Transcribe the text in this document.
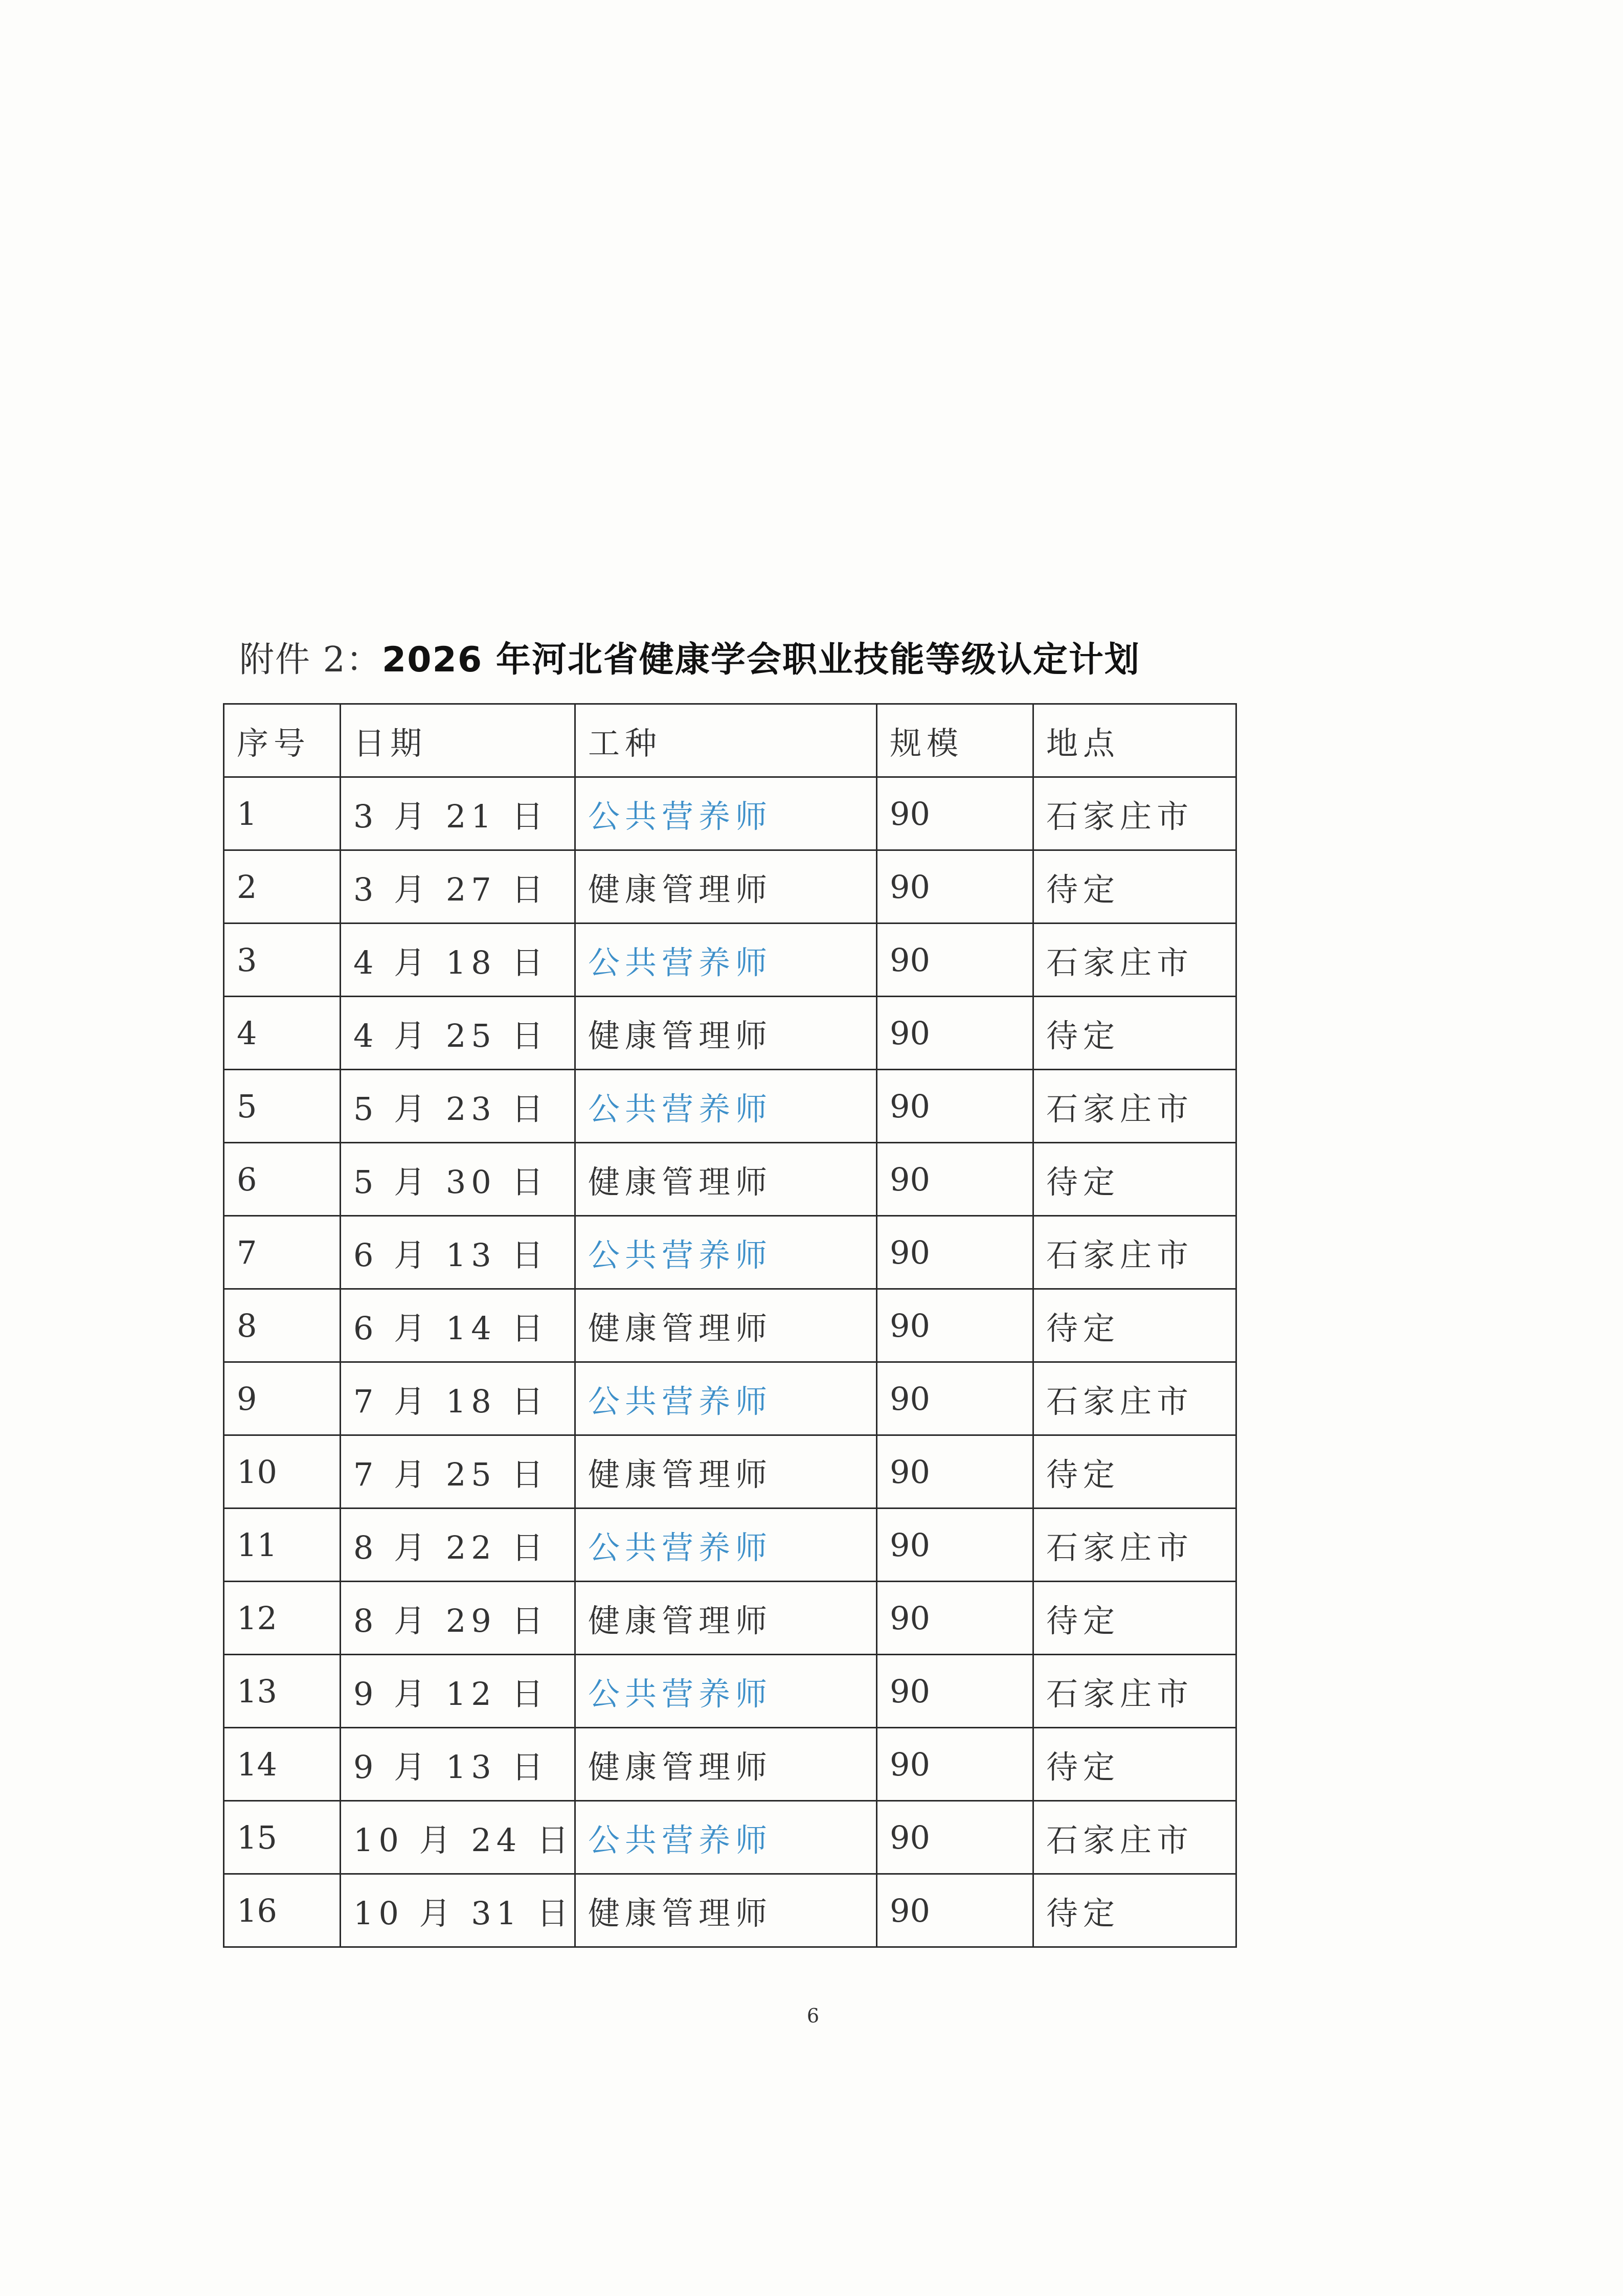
附件 2：2026 年河北省健康学会职业技能等级认定计划
序号	日期	工种	规模	地点
1	3 月 21 日	公共营养师	90	石家庄市
2	3 月 27 日	健康管理师	90	待定
3	4 月 18 日	公共营养师	90	石家庄市
4	4 月 25 日	健康管理师	90	待定
5	5 月 23 日	公共营养师	90	石家庄市
6	5 月 30 日	健康管理师	90	待定
7	6 月 13 日	公共营养师	90	石家庄市
8	6 月 14 日	健康管理师	90	待定
9	7 月 18 日	公共营养师	90	石家庄市
10	7 月 25 日	健康管理师	90	待定
11	8 月 22 日	公共营养师	90	石家庄市
12	8 月 29 日	健康管理师	90	待定
13	9 月 12 日	公共营养师	90	石家庄市
14	9 月 13 日	健康管理师	90	待定
15	10 月 24 日	公共营养师	90	石家庄市
16	10 月 31 日	健康管理师	90	待定
6
